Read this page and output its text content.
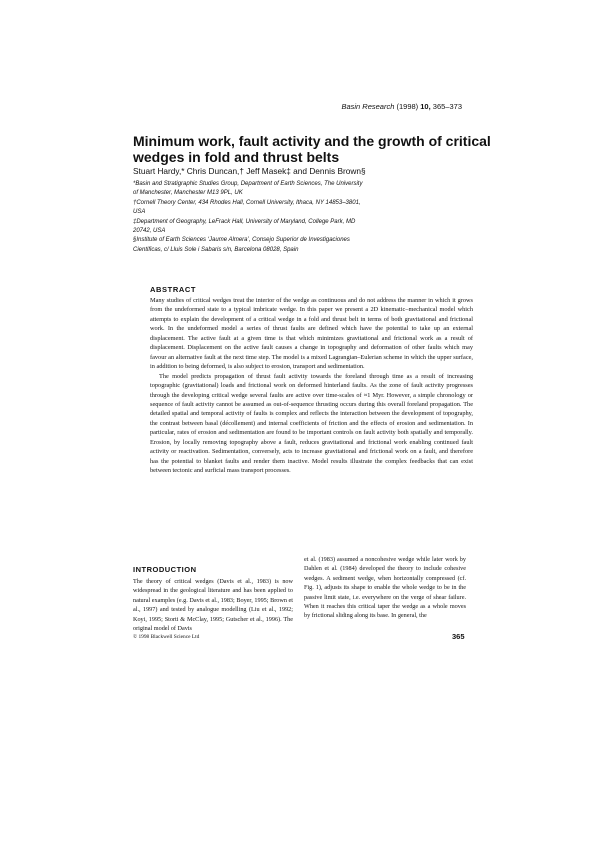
Basin Research (1998) 10, 365–373
Minimum work, fault activity and the growth of critical wedges in fold and thrust belts
Stuart Hardy,* Chris Duncan,† Jeff Masek‡ and Dennis Brown§
*Basin and Stratigraphic Studies Group, Department of Earth Sciences, The University of Manchester, Manchester M13 9PL, UK
†Cornell Theory Center, 434 Rhodes Hall, Cornell University, Ithaca, NY 14853–3801, USA
‡Department of Geography, LeFrack Hall, University of Maryland, College Park, MD 20742, USA
§Institute of Earth Sciences ‘Jaume Almera’, Consejo Superior de Investigaciones Cientificas, c/ Lluis Sole i Sabaris s/n, Barcelona 08028, Spain
ABSTRACT

Many studies of critical wedges treat the interior of the wedge as continuous and do not address the manner in which it grows from the undeformed state to a typical imbricate wedge. In this paper we present a 2D kinematic–mechanical model which attempts to explain the development of a critical wedge in a fold and thrust belt in terms of both gravitational and frictional work. In the undeformed model a series of thrust faults are defined which have the potential to take up an external displacement. The active fault at a given time is that which minimizes gravitational and frictional work as a result of displacement. Displacement on the active fault causes a change in topography and deformation of other faults which may favour an alternative fault at the next time step. The model is a mixed Lagrangian–Eulerian scheme in which the upper surface, in addition to being deformed, is also subject to erosion, transport and sedimentation.

The model predicts propagation of thrust fault activity towards the foreland through time as a result of increasing topographic (gravitational) loads and frictional work on deformed hinterland faults. As the zone of fault activity progresses through the developing critical wedge several faults are active over time-scales of ≈1 Myr. However, a simple chronology or sequence of fault activity cannot be assumed as out-of-sequence thrusting occurs during this overall foreland propagation. The detailed spatial and temporal activity of faults is complex and reflects the interaction between the development of topography, the contrast between basal (décollement) and internal coefficients of friction and the effects of erosion and sedimentation. In particular, rates of erosion and sedimentation are found to be important controls on fault activity both spatially and temporally. Erosion, by locally removing topography above a fault, reduces gravitational and frictional work enabling continued fault activity or reactivation. Sedimentation, conversely, acts to increase gravitational and frictional work on a fault, and therefore has the potential to blanket faults and render them inactive. Model results illustrate the complex feedbacks that can exist between tectonic and surficial mass transport processes.

INTRODUCTION

The theory of critical wedges (Davis et al., 1983) is now widespread in the geological literature and has been applied to natural examples (e.g. Davis et al., 1983; Boyer, 1995; Brown et al., 1997) and tested by analogue modelling (Liu et al., 1992; Koyi, 1995; Storti & McClay, 1995; Gutscher et al., 1996). The original model of Davis

et al. (1983) assumed a noncohesive wedge while later work by Dahlen et al. (1984) developed the theory to include cohesive wedges. A sediment wedge, when horizontally compressed (cf. Fig. 1), adjusts its shape to enable the whole wedge to be in the passive limit state, i.e. everywhere on the verge of shear failure. When it reaches this critical taper the wedge as a whole moves by frictional sliding along its base. In general, the

© 1998 Blackwell Science Ltd	365
